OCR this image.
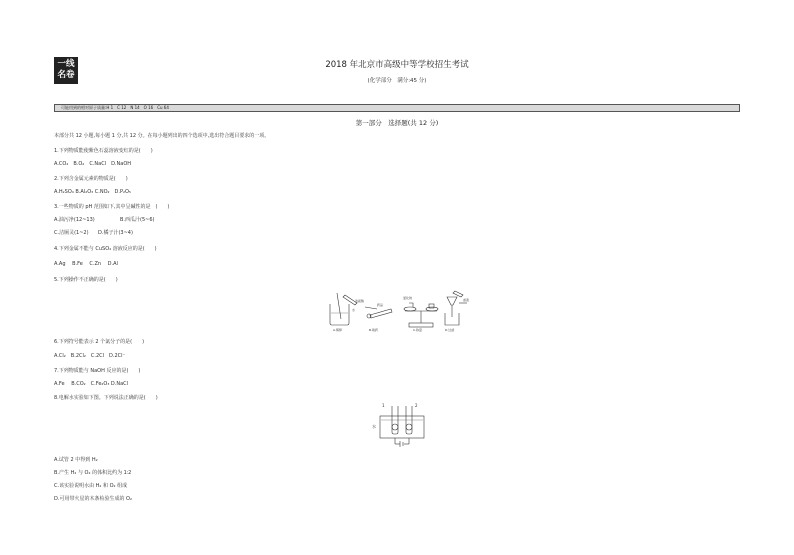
一线
名卷
2018 年北京市高级中等学校招生考试
(化学部分　满分:45 分)
可能用到的相对原子质量:H 1　C 12　N 14　O 16　Cu 64
第一部分　选择题(共 12 分)
本部分共 12 小题,每小题 1 分,共 12 分。在每小题列出的四个选项中,选出符合题目要求的一项。
1.下列物质能使紫色石蕊溶液变红的是(　　)
A.CO₂　B.O₂　C.NaCl　D.NaOH
2.下列含金属元素的物质是(　　)
A.H₂SO₄ B.Al₂O₃ C.NO₂　D.P₂O₅
3.一些物质的 pH 范围如下,其中呈碱性的是　(　　)
A.油污净(12~13)	B.西瓜汁(5~6)
C.洁厕灵(1~2) D.橘子汁(3~4)
4.下列金属不能与 CuSO₄ 溶液反应的是(　　)
A.Ag　 B.Fe　 C.Zn　 D.Al
5.下列操作不正确的是(　　)
浓硫酸
水
药品
氯化钠	滤液
A.稀释	B.取药	C.称量	D.过滤
6.下列符号能表示 2 个氯分子的是(　　)
A.Cl₂　B.2Cl₂　C.2Cl　D.2Cl⁻
7.下列物质能与 NaOH 反应的是(　　)
A.Fe　 B.CO₂　C.Fe₂O₃ D.NaCl
8.电解水实验如下图。下列说法正确的是(　　)
1	2
水
A.试管 2 中得到 H₂
B.产生 H₂ 与 O₂ 的体积比约为 1∶2
C.该实验说明水由 H₂ 和 O₂ 组成
D.可用带火星的木条检验生成的 O₂
